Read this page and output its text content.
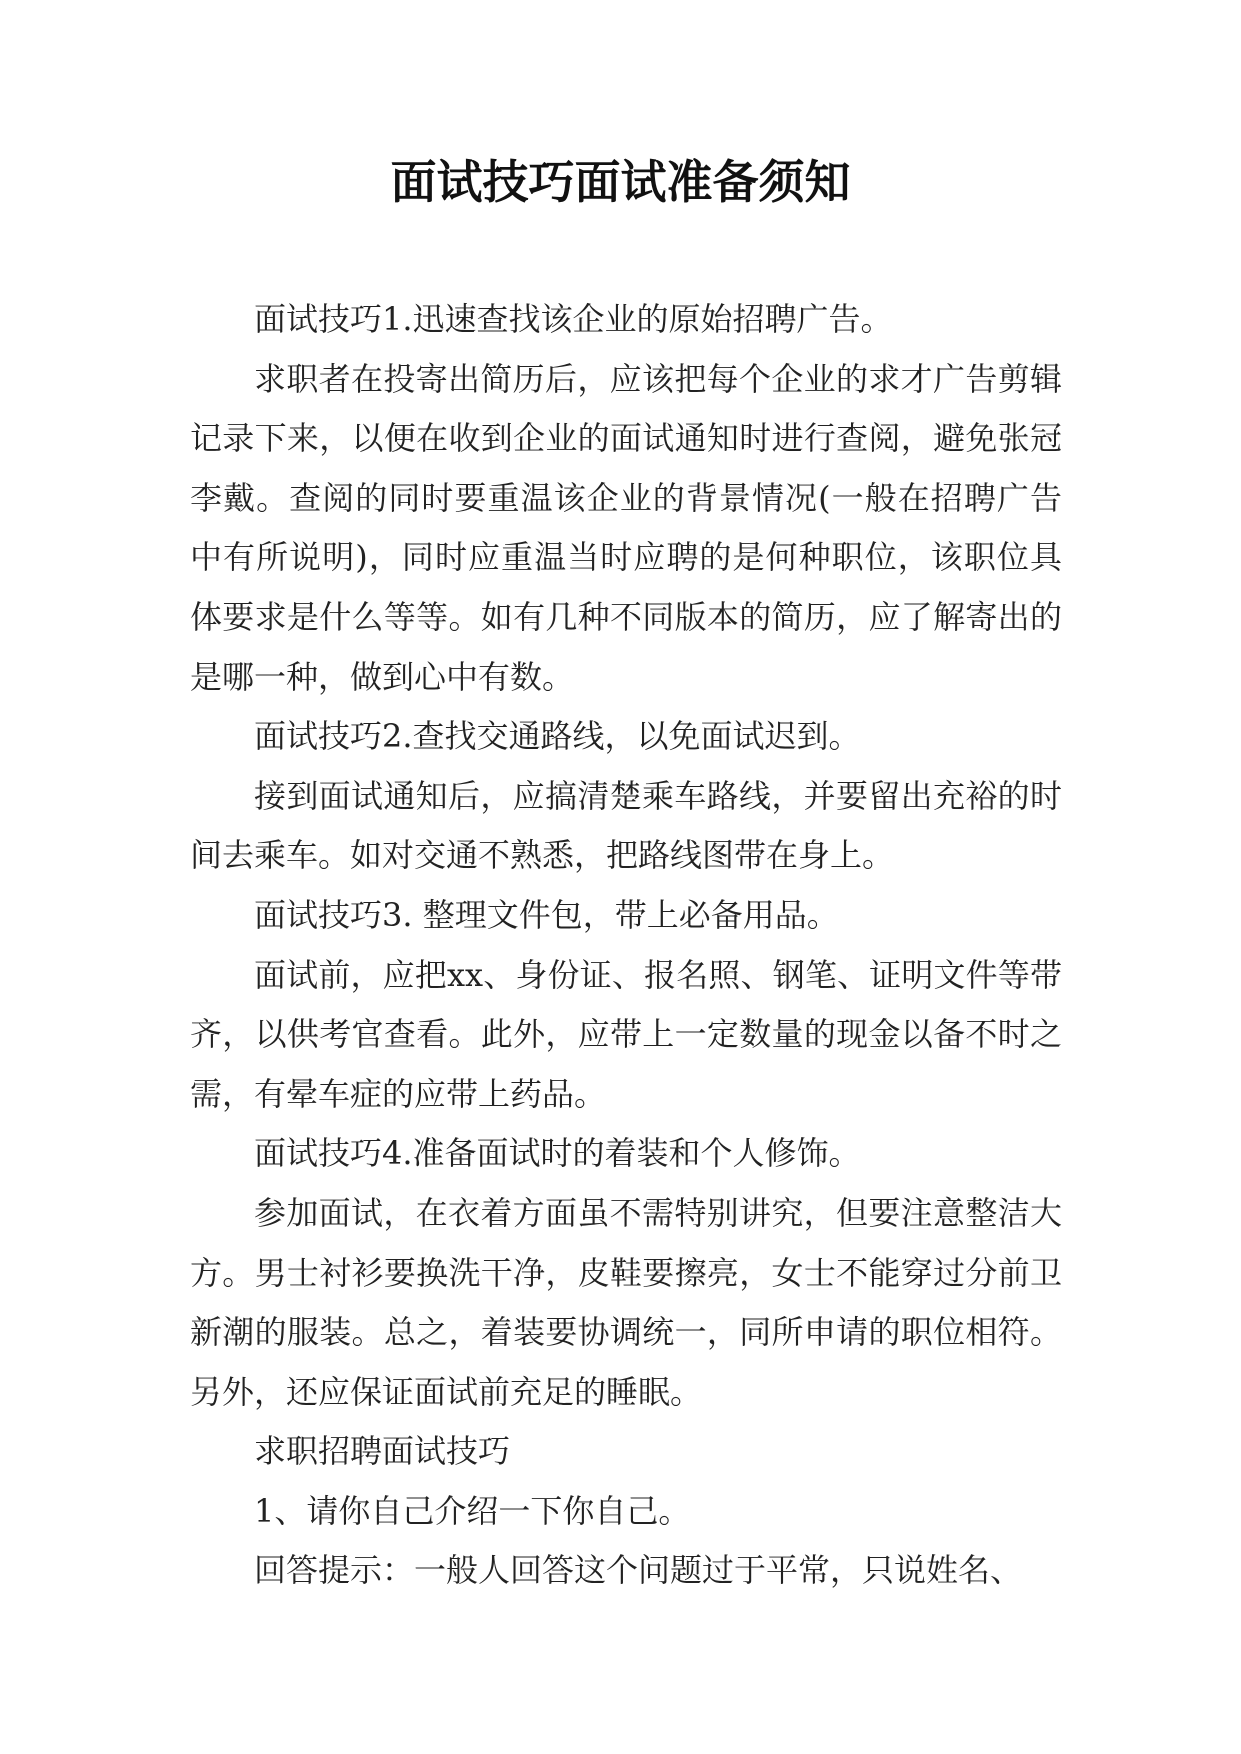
面试技巧面试准备须知

面试技巧1.迅速查找该企业的原始招聘广告。

求职者在投寄出简历后，应该把每个企业的求才广告剪辑记录下来，以便在收到企业的面试通知时进行查阅，避免张冠李戴。查阅的同时要重温该企业的背景情况(一般在招聘广告中有所说明)，同时应重温当时应聘的是何种职位，该职位具体要求是什么等等。如有几种不同版本的简历，应了解寄出的是哪一种，做到心中有数。

面试技巧2.查找交通路线，以免面试迟到。

接到面试通知后，应搞清楚乘车路线，并要留出充裕的时间去乘车。如对交通不熟悉，把路线图带在身上。

面试技巧3. 整理文件包，带上必备用品。

面试前，应把xx、身份证、报名照、钢笔、证明文件等带齐，以供考官查看。此外，应带上一定数量的现金以备不时之需，有晕车症的应带上药品。

面试技巧4.准备面试时的着装和个人修饰。

参加面试，在衣着方面虽不需特别讲究，但要注意整洁大方。男士衬衫要换洗干净，皮鞋要擦亮，女士不能穿过分前卫新潮的服装。总之，着装要协调统一，同所申请的职位相符。另外，还应保证面试前充足的睡眠。

求职招聘面试技巧

1、请你自己介绍一下你自己。

回答提示：一般人回答这个问题过于平常，只说姓名、
